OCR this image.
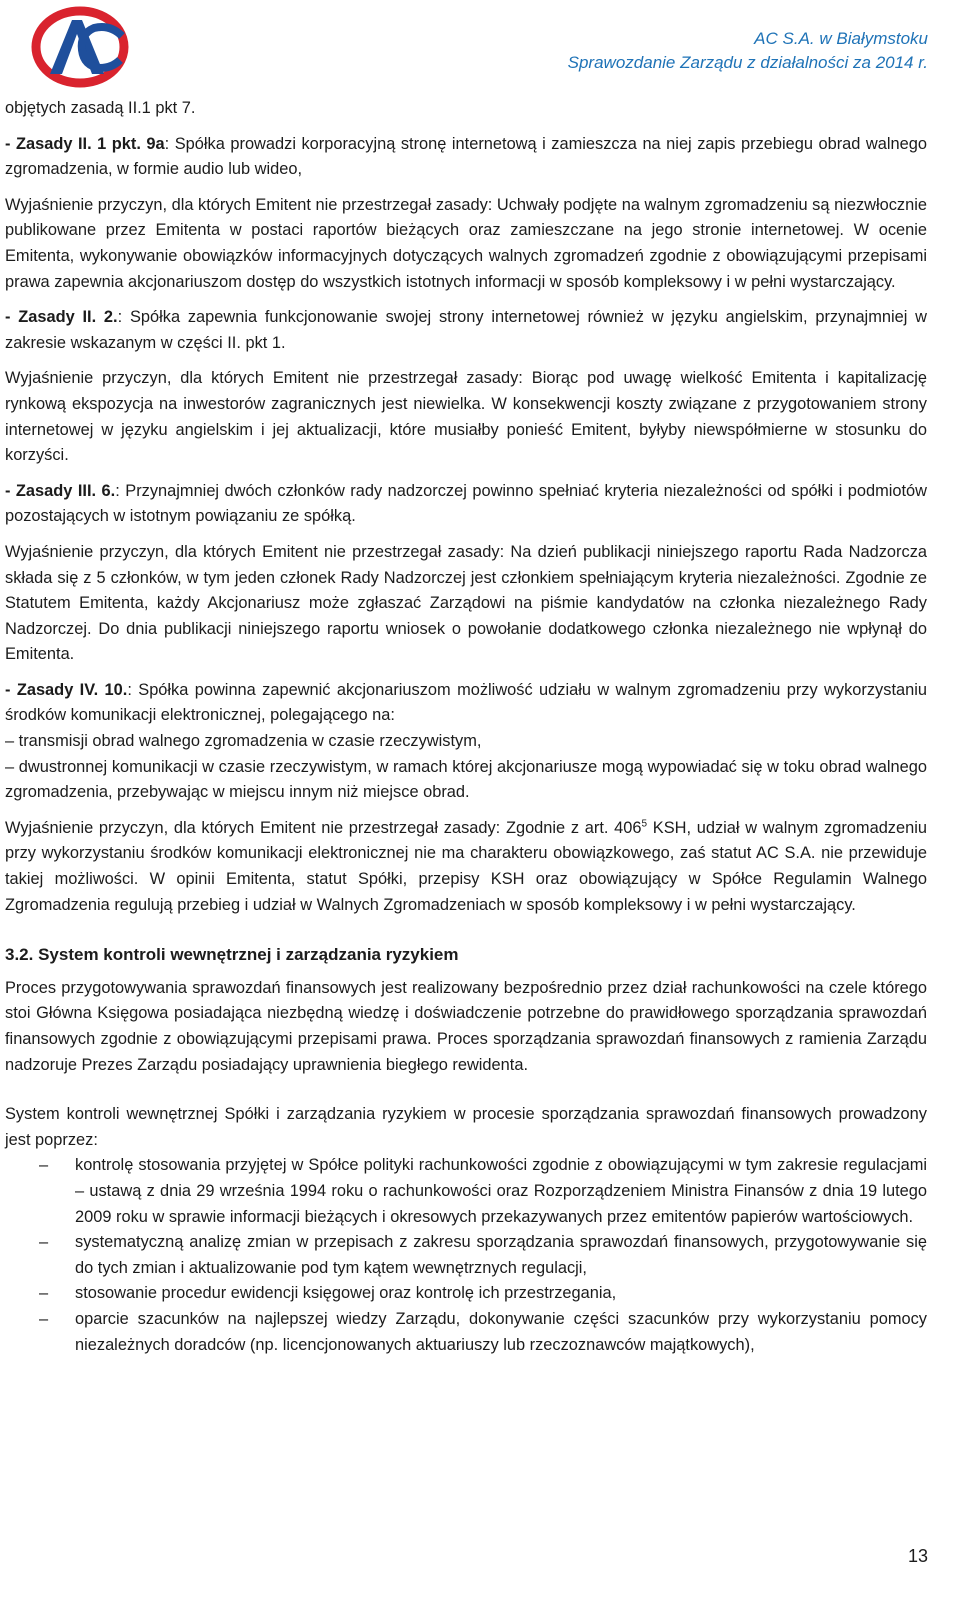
AC S.A. w Białymstoku
Sprawozdanie Zarządu z działalności za 2014 r.

objętych zasadą II.1 pkt 7.

- Zasady II. 1 pkt. 9a: Spółka prowadzi korporacyjną stronę internetową i zamieszcza na niej zapis przebiegu obrad walnego zgromadzenia, w formie audio lub wideo,

Wyjaśnienie przyczyn, dla których Emitent nie przestrzegał zasady: Uchwały podjęte na walnym zgromadzeniu są niezwłocznie publikowane przez Emitenta w postaci raportów bieżących oraz zamieszczane na jego stronie internetowej. W ocenie Emitenta, wykonywanie obowiązków informacyjnych dotyczących walnych zgromadzeń zgodnie z obowiązującymi przepisami prawa zapewnia akcjonariuszom dostęp do wszystkich istotnych informacji w sposób kompleksowy i w pełni wystarczający.

- Zasady II. 2.: Spółka zapewnia funkcjonowanie swojej strony internetowej również w języku angielskim, przynajmniej w zakresie wskazanym w części II. pkt 1.

Wyjaśnienie przyczyn, dla których Emitent nie przestrzegał zasady: Biorąc pod uwagę wielkość Emitenta i kapitalizację rynkową ekspozycja na inwestorów zagranicznych jest niewielka. W konsekwencji koszty związane z przygotowaniem strony internetowej w języku angielskim i jej aktualizacji, które musiałby ponieść Emitent, byłyby niewspółmierne w stosunku do korzyści.

- Zasady III. 6.: Przynajmniej dwóch członków rady nadzorczej powinno spełniać kryteria niezależności od spółki i podmiotów pozostających w istotnym powiązaniu ze spółką.

Wyjaśnienie przyczyn, dla których Emitent nie przestrzegał zasady: Na dzień publikacji niniejszego raportu Rada Nadzorcza składa się z 5 członków, w tym jeden członek Rady Nadzorczej jest członkiem spełniającym kryteria niezależności. Zgodnie ze Statutem Emitenta, każdy Akcjonariusz może zgłaszać Zarządowi na piśmie kandydatów na członka niezależnego Rady Nadzorczej. Do dnia publikacji niniejszego raportu wniosek o powołanie dodatkowego członka niezależnego nie wpłynął do Emitenta.

- Zasady IV. 10.: Spółka powinna zapewnić akcjonariuszom możliwość udziału w walnym zgromadzeniu przy wykorzystaniu środków komunikacji elektronicznej, polegającego na:

– transmisji obrad walnego zgromadzenia w czasie rzeczywistym,

– dwustronnej komunikacji w czasie rzeczywistym, w ramach której akcjonariusze mogą wypowiadać się w toku obrad walnego zgromadzenia, przebywając w miejscu innym niż miejsce obrad.

Wyjaśnienie przyczyn, dla których Emitent nie przestrzegał zasady: Zgodnie z art. $406^5$ KSH, udział w walnym zgromadzeniu przy wykorzystaniu środków komunikacji elektronicznej nie ma charakteru obowiązkowego, zaś statut AC S.A. nie przewiduje takiej możliwości. W opinii Emitenta, statut Spółki, przepisy KSH oraz obowiązujący w Spółce Regulamin Walnego Zgromadzenia regulują przebieg i udział w Walnych Zgromadzeniach w sposób kompleksowy i w pełni wystarczający.

3.2. System kontroli wewnętrznej i zarządzania ryzykiem

Proces przygotowywania sprawozdań finansowych jest realizowany bezpośrednio przez dział rachunkowości na czele którego stoi Główna Księgowa posiadająca niezbędną wiedzę i doświadczenie potrzebne do prawidłowego sporządzania sprawozdań finansowych zgodnie z obowiązującymi przepisami prawa. Proces sporządzania sprawozdań finansowych z ramienia Zarządu nadzoruje Prezes Zarządu posiadający uprawnienia biegłego rewidenta.

System kontroli wewnętrznej Spółki i zarządzania ryzykiem w procesie sporządzania sprawozdań finansowych prowadzony jest poprzez:

–	kontrolę stosowania przyjętej w Spółce polityki rachunkowości zgodnie z obowiązującymi w tym zakresie regulacjami – ustawą z dnia 29 września 1994 roku o rachunkowości oraz Rozporządzeniem Ministra Finansów z dnia 19 lutego 2009 roku w sprawie informacji bieżących i okresowych przekazywanych przez emitentów papierów wartościowych.
–	systematyczną analizę zmian w przepisach z zakresu sporządzania sprawozdań finansowych, przygotowywanie się do tych zmian i aktualizowanie pod tym kątem wewnętrznych regulacji,
–	stosowanie procedur ewidencji księgowej oraz kontrolę ich przestrzegania,
–	oparcie szacunków na najlepszej wiedzy Zarządu, dokonywanie części szacunków przy wykorzystaniu pomocy niezależnych doradców (np. licencjonowanych aktuariuszy lub rzeczoznawców majątkowych),
13
